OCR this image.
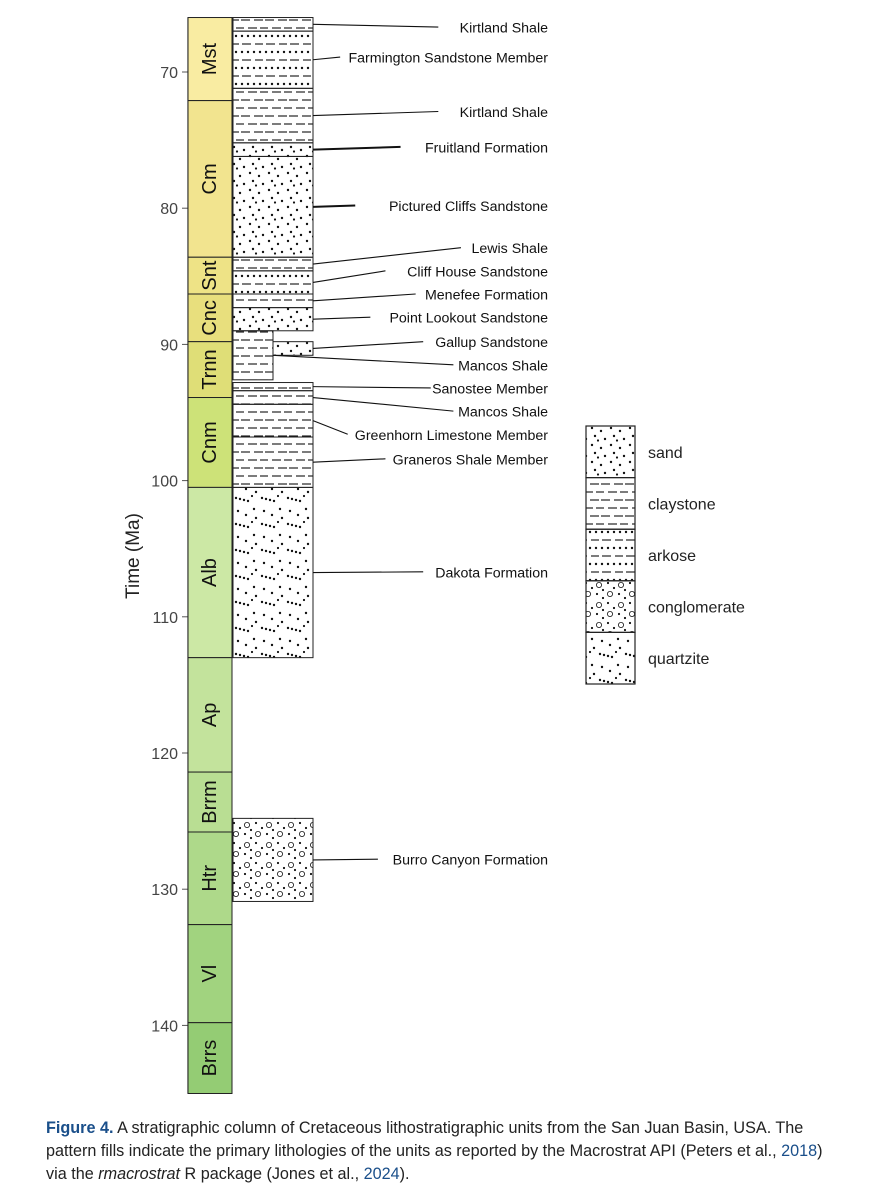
70
80
90
100
110
120
130
140
Mst
Cm
Snt
Cnc
Trnn
Cnm
Alb
Ap
Brrm
Htr
Vl
Brrs
Kirtland Shale
Farmington Sandstone Member
Kirtland Shale
Fruitland Formation
Pictured Cliffs Sandstone
Lewis Shale
Cliff House Sandstone
Menefee Formation
Point Lookout Sandstone
Gallup Sandstone
Mancos Shale
Sanostee Member
Mancos Shale
Greenhorn Limestone Member
Graneros Shale Member
Dakota Formation
Burro Canyon Formation
sand
claystone
arkose
conglomerate
quartzite
Time (Ma)
Figure 4. A stratigraphic column of Cretaceous lithostratigraphic units from the San Juan Basin, USA. The pattern fills indicate the primary lithologies of the units as reported by the Macrostrat API (Peters et al., 2018) via the rmacrostrat R package (Jones et al., 2024).
